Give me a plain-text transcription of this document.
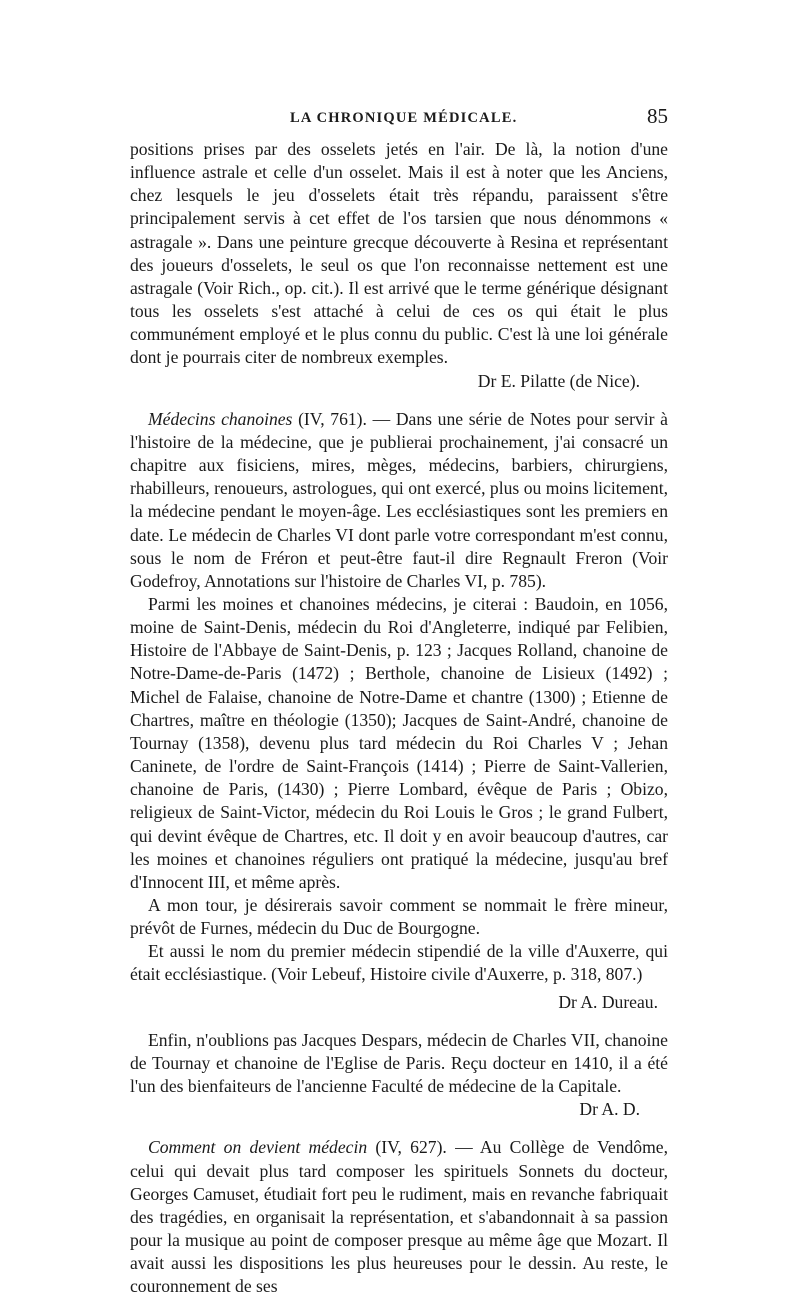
LA CHRONIQUE MÉDICALE.	85

positions prises par des osselets jetés en l'air. De là, la notion d'une influence astrale et celle d'un osselet. Mais il est à noter que les Anciens, chez lesquels le jeu d'osselets était très répandu, paraissent s'être principalement servis à cet effet de l'os tarsien que nous dénommons « astragale ». Dans une peinture grecque découverte à Resina et représentant des joueurs d'osselets, le seul os que l'on reconnaisse nettement est une astragale (Voir Rich., op. cit.). Il est arrivé que le terme générique désignant tous les osselets s'est attaché à celui de ces os qui était le plus communément employé et le plus connu du public. C'est là une loi générale dont je pourrais citer de nombreux exemples.

Dr E. Pilatte (de Nice).

Médecins chanoines (IV, 761). — Dans une série de Notes pour servir à l'histoire de la médecine, que je publierai prochainement, j'ai consacré un chapitre aux fisiciens, mires, mèges, médecins, barbiers, chirurgiens, rhabilleurs, renoueurs, astrologues, qui ont exercé, plus ou moins licitement, la médecine pendant le moyen-âge. Les ecclésiastiques sont les premiers en date. Le médecin de Charles VI dont parle votre correspondant m'est connu, sous le nom de Fréron et peut-être faut-il dire Regnault Freron (Voir Godefroy, Annotations sur l'histoire de Charles VI, p. 785).

Parmi les moines et chanoines médecins, je citerai : Baudoin, en 1056, moine de Saint-Denis, médecin du Roi d'Angleterre, indiqué par Felibien, Histoire de l'Abbaye de Saint-Denis, p. 123 ; Jacques Rolland, chanoine de Notre-Dame-de-Paris (1472) ; Berthole, chanoine de Lisieux (1492) ; Michel de Falaise, chanoine de Notre-Dame et chantre (1300) ; Etienne de Chartres, maître en théologie (1350); Jacques de Saint-André, chanoine de Tournay (1358), devenu plus tard médecin du Roi Charles V ; Jehan Caninete, de l'ordre de Saint-François (1414) ; Pierre de Saint-Vallerien, chanoine de Paris, (1430) ; Pierre Lombard, évêque de Paris ; Obizo, religieux de Saint-Victor, médecin du Roi Louis le Gros ; le grand Fulbert, qui devint évêque de Chartres, etc. Il doit y en avoir beaucoup d'autres, car les moines et chanoines réguliers ont pratiqué la médecine, jusqu'au bref d'Innocent III, et même après.

A mon tour, je désirerais savoir comment se nommait le frère mineur, prévôt de Furnes, médecin du Duc de Bourgogne.

Et aussi le nom du premier médecin stipendié de la ville d'Auxerre, qui était ecclésiastique. (Voir Lebeuf, Histoire civile d'Auxerre, p. 318, 807.)

Dr A. Dureau.

Enfin, n'oublions pas Jacques Despars, médecin de Charles VII, chanoine de Tournay et chanoine de l'Eglise de Paris. Reçu docteur en 1410, il a été l'un des bienfaiteurs de l'ancienne Faculté de médecine de la Capitale.

Dr A. D.

Comment on devient médecin (IV, 627). — Au Collège de Vendôme, celui qui devait plus tard composer les spirituels Sonnets du docteur, Georges Camuset, étudiait fort peu le rudiment, mais en revanche fabriquait des tragédies, en organisait la représentation, et s'abandonnait à sa passion pour la musique au point de composer presque au même âge que Mozart. Il avait aussi les dispositions les plus heureuses pour le dessin. Au reste, le couronnement de ses
